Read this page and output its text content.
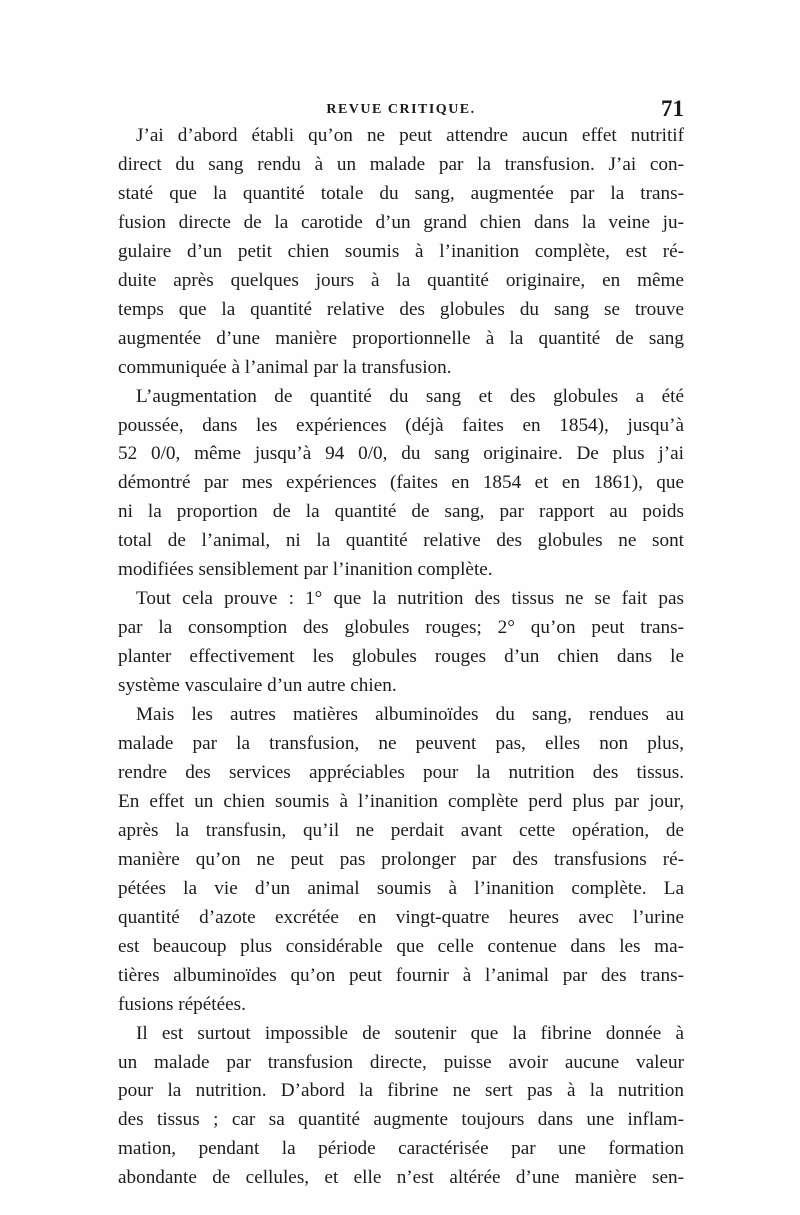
REVUE CRITIQUE.	71

J’ai d’abord établi qu’on ne peut attendre aucun effet nutritif
direct du sang rendu à un malade par la transfusion. J’ai con-
staté que la quantité totale du sang, augmentée par la trans-
fusion directe de la carotide d’un grand chien dans la veine ju-
gulaire d’un petit chien soumis à l’inanition complète, est ré-
duite après quelques jours à la quantité originaire, en même
temps que la quantité relative des globules du sang se trouve
augmentée d’une manière proportionnelle à la quantité de sang
communiquée à l’animal par la transfusion.

L’augmentation de quantité du sang et des globules a été
poussée, dans les expériences (déjà faites en 1854), jusqu’à
52 0/0, même jusqu’à 94 0/0, du sang originaire. De plus j’ai
démontré par mes expériences (faites en 1854 et en 1861), que
ni la proportion de la quantité de sang, par rapport au poids
total de l’animal, ni la quantité relative des globules ne sont
modifiées sensiblement par l’inanition complète.

Tout cela prouve : 1° que la nutrition des tissus ne se fait pas
par la consomption des globules rouges; 2° qu’on peut trans-
planter effectivement les globules rouges d’un chien dans le
système vasculaire d’un autre chien.

Mais les autres matières albuminoïdes du sang, rendues au
malade par la transfusion, ne peuvent pas, elles non plus,
rendre des services appréciables pour la nutrition des tissus.
En effet un chien soumis à l’inanition complète perd plus par jour,
après la transfusin, qu’il ne perdait avant cette opération, de
manière qu’on ne peut pas prolonger par des transfusions ré-
pétées la vie d’un animal soumis à l’inanition complète. La
quantité d’azote excrétée en vingt-quatre heures avec l’urine
est beaucoup plus considérable que celle contenue dans les ma-
tières albuminoïdes qu’on peut fournir à l’animal par des trans-
fusions répétées.

Il est surtout impossible de soutenir que la fibrine donnée à
un malade par transfusion directe, puisse avoir aucune valeur
pour la nutrition. D’abord la fibrine ne sert pas à la nutrition
des tissus ; car sa quantité augmente toujours dans une inflam-
mation, pendant la période caractérisée par une formation
abondante de cellules, et elle n’est altérée d’une manière sen-
